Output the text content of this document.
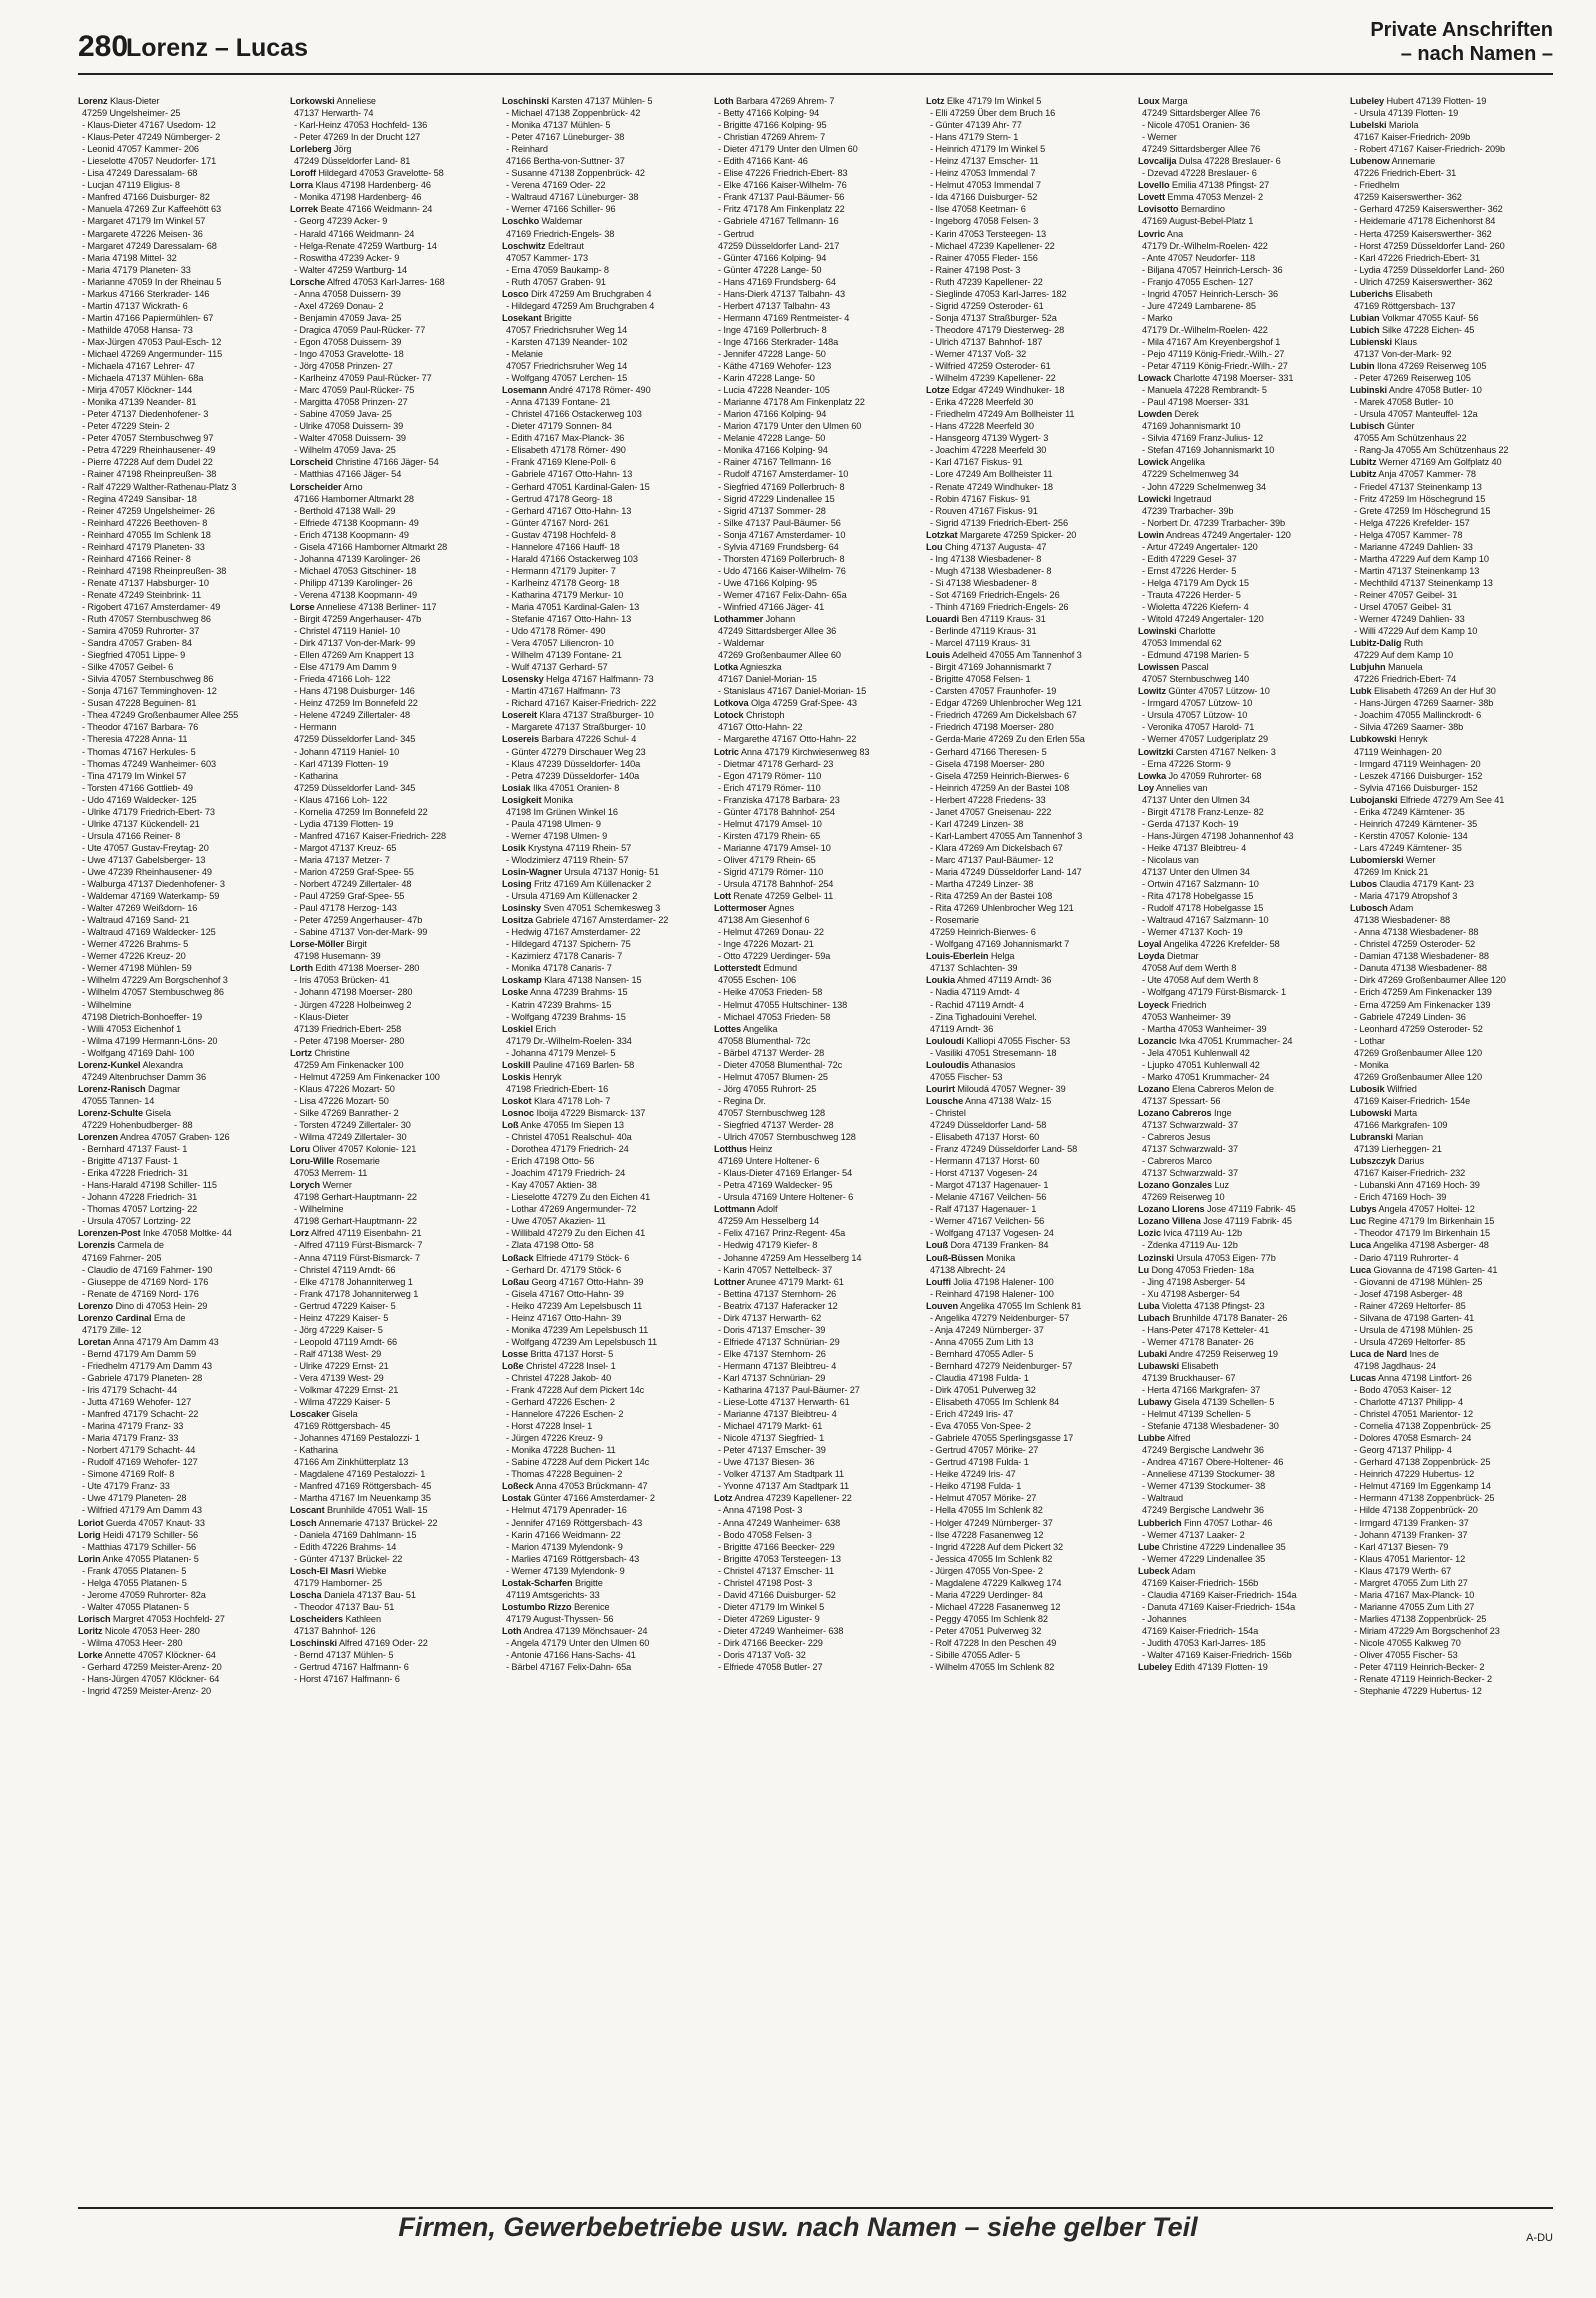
280
Lorenz – Lucas
Private Anschriften
– nach Namen –
Lorenz Klaus-Dieter
47259 Ungelsheimer- 25
- Klaus-Dieter 47167 Usedom- 12
- Klaus-Peter 47249 Nürnberger- 2
- Leonid 47057 Kammer- 206
- Lieselotte 47057 Neudorfer- 171
- Lisa 47249 Daressalam- 68
- Lucjan 47119 Eligius- 8
- Manfred 47166 Duisburger- 82
- Manuela 47269 Zur Kaffeehött 63
- Margaret 47179 Im Winkel 57
- Margarete 47226 Meisen- 36
- Margaret 47249 Daressalam- 68
- Maria 47198 Mittel- 32
- Maria 47179 Planeten- 33
- Marianne 47059 In der Rheinau 5
- Markus 47166 Sterkrader- 146
- Martin 47137 Wickrath- 6
- Martin 47166 Papiermühlen- 67
- Mathilde 47058 Hansa- 73
- Max-Jürgen 47053 Paul-Esch- 12
- Michael 47269 Angermunder- 115
- Michaela 47167 Lehrer- 47
- Michaela 47137 Mühlen- 68a
- Mirja 47057 Klöckner- 144
- Monika 47139 Neander- 81
- Peter 47137 Diedenhofener- 3
- Peter 47229 Stein- 2
- Peter 47057 Sternbuschweg 97
- Petra 47229 Rheinhausener- 49
- Pierre 47228 Auf dem Dudel 22
- Rainer 47198 Rheinpreußen- 38
- Ralf 47229 Walther-Rathenau-Platz 3
- Regina 47249 Sansibar- 18
- Reiner 47259 Ungelsheimer- 26
- Reinhard 47226 Beethoven- 8
- Reinhard 47055 Im Schlenk 18
- Reinhard 47179 Planeten- 33
- Reinhard 47166 Reiner- 8
- Reinhard 47198 Rheinpreußen- 38
- Renate 47137 Habsburger- 10
- Renate 47249 Steinbrink- 11
- Rigobert 47167 Amsterdamer- 49
- Ruth 47057 Sternbuschweg 86
- Samira 47059 Ruhrorter- 37
- Sandra 47057 Graben- 84
- Siegfried 47051 Lippe- 9
- Silke 47057 Geibel- 6
- Silvia 47057 Sternbuschweg 86
- Sonja 47167 Temminghoven- 12
- Susan 47228 Beguinen- 81
- Thea 47249 Großenbaumer Allee 255
- Theodor 47167 Barbara- 76
- Theresia 47228 Anna- 11
- Thomas 47167 Herkules- 5
- Thomas 47249 Wanheimer- 603
- Tina 47179 Im Winkel 57
- Torsten 47166 Gottlieb- 49
- Udo 47169 Waldecker- 125
- Ulrike 47179 Friedrich-Ebert- 73
- Ulrike 47137 Kückendell- 21
- Ursula 47166 Reiner- 8
- Ute 47057 Gustav-Freytag- 20
- Uwe 47137 Gabelsberger- 13
- Uwe 47239 Rheinhausener- 49
- Walburga 47137 Diedenhofener- 3
- Waldemar 47169 Waterkamp- 59
- Walter 47269 Weißdorn- 16
- Waltraud 47169 Sand- 21
- Waltraud 47169 Waldecker- 125
- Werner 47226 Brahms- 5
- Werner 47226 Kreuz- 20
- Werner 47198 Mühlen- 59
- Wilhelm 47229 Am Borgschenhof 3
- Wilhelm 47057 Sternbuschweg 86
- Wilhelmine
47198 Dietrich-Bonhoeffer- 19
- Willi 47053 Eichenhof 1
- Wilma 47199 Hermann-Löns- 20
- Wolfgang 47169 Dahl- 100
Lorenz-Kunkel Alexandra
47249 Altenbruchser Damm 36
Lorenz-Ranisch Dagmar
47055 Tannen- 14
Lorenz-Schulte Gisela
47229 Hohenbudberger- 88
Lorenzen Andrea 47057 Graben- 126
- Bernhard 47137 Faust- 1
- Brigitte 47137 Faust- 1
- Erika 47228 Friedrich- 31
- Hans-Harald 47198 Schiller- 115
- Johann 47228 Friedrich- 31
- Thomas 47057 Lortzing- 22
- Ursula 47057 Lortzing- 22
Lorenzen-Post Inke 47058 Moltke- 44
Lorenzis Carmela de
47169 Fahrner- 205
- Claudio de 47169 Fahrner- 190
- Giuseppe de 47169 Nord- 176
- Renate de 47169 Nord- 176
Lorenzo Dino di 47053 Hein- 29
Lorenzo Cardinal Erna de
47179 Zille- 12
Loretan Anna 47179 Am Damm 43
- Bernd 47179 Am Damm 59
- Friedhelm 47179 Am Damm 43
- Gabriele 47179 Planeten- 28
- Iris 47179 Schacht- 44
- Jutta 47169 Wehofer- 127
- Manfred 47179 Schacht- 22
- Marina 47179 Franz- 33
- Maria 47179 Franz- 33
- Norbert 47179 Schacht- 44
- Rudolf 47169 Wehofer- 127
- Simone 47169 Rolf- 8
- Ute 47179 Franz- 33
- Uwe 47179 Planeten- 28
- Wilfried 47179 Am Damm 43
Loriot Guerda 47057 Knaut- 33
Lorig Heidi 47179 Schiller- 56
- Matthias 47179 Schiller- 56
Lorin Anke 47055 Platanen- 5
- Frank 47055 Platanen- 5
- Helga 47055 Platanen- 5
- Jerome 47059 Ruhrorter- 82a
- Walter 47055 Platanen- 5
Lorisch Margret 47053 Hochfeld- 27
Loritz Nicole 47053 Heer- 280
- Wilma 47053 Heer- 280
Lorke Annette 47057 Klöckner- 64
- Gerhard 47259 Meister-Arenz- 20
- Hans-Jürgen 47057 Klöckner- 64
- Ingrid 47259 Meister-Arenz- 20
Lorkowski Anneliese
47137 Herwarth- 74
- Karl-Heinz 47053 Hochfeld- 136
- Peter 47269 In der Drucht 127
Lorleberg Jörg
47249 Düsseldorfer Land- 81
Loroff Hildegard 47053 Gravelotte- 58
Lorra Klaus 47198 Hardenberg- 46
- Monika 47198 Hardenberg- 46
Lorrek Beate 47166 Weidmann- 24
- Georg 47239 Acker- 9
- Harald 47166 Weidmann- 24
- Helga-Renate 47259 Wartburg- 14
- Roswitha 47239 Acker- 9
- Walter 47259 Wartburg- 14
Lorsche Alfred 47053 Karl-Jarres- 168
- Anna 47058 Duissern- 39
- Axel 47269 Donau- 2
- Benjamin 47059 Java- 25
- Dragica 47059 Paul-Rücker- 77
- Egon 47058 Duissern- 39
- Ingo 47053 Gravelotte- 18
- Jörg 47058 Prinzen- 27
- Karlheinz 47059 Paul-Rücker- 77
- Marc 47059 Paul-Rücker- 75
- Margitta 47058 Prinzen- 27
- Sabine 47059 Java- 25
- Ulrike 47058 Duissern- 39
- Walter 47058 Duissern- 39
- Wilhelm 47059 Java- 25
Lorscheid Christine 47166 Jäger- 54
- Matthias 47166 Jäger- 54
Lorscheider Arno
47166 Hamborner Altmarkt 28
- Berthold 47138 Wall- 29
- Elfriede 47138 Koopmann- 49
- Erich 47138 Koopmann- 49
- Gisela 47166 Hamborner Altmarkt 28
- Johanna 47139 Karolinger- 26
- Michael 47053 Gitschiner- 18
- Philipp 47139 Karolinger- 26
- Verena 47138 Koopmann- 49
Lorse Anneliese 47138 Berliner- 117
- Birgit 47259 Angerhauser- 47b
- Christel 47119 Haniel- 10
- Dirk 47137 Von-der-Mark- 99
- Ellen 47269 Am Knappert 13
- Else 47179 Am Damm 9
- Frieda 47166 Loh- 122
- Hans 47198 Duisburger- 146
- Heinz 47259 Im Bonnefeld 22
- Helene 47249 Zillertaler- 48
- Hermann
47259 Düsseldorfer Land- 345
- Johann 47119 Haniel- 10
- Karl 47139 Flotten- 19
- Katharina
47259 Düsseldorfer Land- 345
- Klaus 47166 Loh- 122
- Kornelia 47259 Im Bonnefeld 22
- Lydia 47139 Flotten- 19
- Manfred 47167 Kaiser-Friedrich- 228
- Margot 47137 Kreuz- 65
- Maria 47137 Metzer- 7
- Marion 47259 Graf-Spee- 55
- Norbert 47249 Zillertaler- 48
- Paul 47259 Graf-Spee- 55
- Paul 47178 Herzog- 143
- Peter 47259 Angerhauser- 47b
- Sabine 47137 Von-der-Mark- 99
Lorse-Möller Birgit
47198 Husemann- 39
Lorth Edith 47138 Moerser- 280
- Iris 47053 Brücken- 41
- Johann 47198 Moerser- 280
- Jürgen 47228 Holbeinweg 2
- Klaus-Dieter
47139 Friedrich-Ebert- 258
- Peter 47198 Moerser- 280
Lortz Christine
47259 Am Finkenacker 100
- Helmut 47259 Am Finkenacker 100
- Klaus 47226 Mozart- 50
- Lisa 47226 Mozart- 50
- Silke 47269 Banrather- 2
- Torsten 47249 Zillertaler- 30
- Wilma 47249 Zillertaler- 30
Loru Oliver 47057 Kolonie- 121
Loru-Wille Rosemarie
47053 Merrem- 11
Lorych Werner
47198 Gerhart-Hauptmann- 22
- Wilhelmine
47198 Gerhart-Hauptmann- 22
Lorz Alfred 47119 Eisenbahn- 21
- Alfred 47119 Fürst-Bismarck- 7
- Anna 47119 Fürst-Bismarck- 7
- Christel 47119 Arndt- 66
- Elke 47178 Johanniterweg 1
- Frank 47178 Johanniterweg 1
- Gertrud 47229 Kaiser- 5
- Heinz 47229 Kaiser- 5
- Jörg 47229 Kaiser- 5
- Leopold 47119 Arndt- 66
- Ralf 47138 West- 29
- Ulrike 47229 Ernst- 21
- Vera 47139 West- 29
- Volkmar 47229 Ernst- 21
- Wilma 47229 Kaiser- 5
Loscaker Gisela
47169 Röttgersbach- 45
- Johannes 47169 Pestalozzi- 1
- Katharina
47166 Am Zinkhütterplatz 13
- Magdalene 47169 Pestalozzi- 1
- Manfred 47169 Röttgersbach- 45
- Martha 47167 Im Neuenkamp 35
Loscant Brunhilde 47051 Wall- 15
Losch Annemarie 47137 Brückel- 22
- Daniela 47169 Dahlmann- 15
- Edith 47226 Brahms- 14
- Günter 47137 Brückel- 22
Losch-El Masri Wiebke
47179 Hamborner- 25
Loscha Daniela 47137 Bau- 51
- Theodor 47137 Bau- 51
Loscheiders Kathleen
47137 Bahnhof- 126
Loschinski Alfred 47169 Oder- 22
- Bernd 47137 Mühlen- 5
- Gertrud 47167 Halfmann- 6
- Horst 47167 Halfmann- 6
Loschinski Karsten 47137 Mühlen- 5
- Michael 47138 Zoppenbrück- 42
- Monika 47137 Mühlen- 5
- Peter 47167 Lüneburger- 38
- Reinhard
47166 Bertha-von-Suttner- 37
- Susanne 47138 Zoppenbrück- 42
- Verena 47169 Oder- 22
- Waltraud 47167 Lüneburger- 38
- Werner 47166 Schiller- 96
Loschko Waldemar
47169 Friedrich-Engels- 38
Loschwitz Edeltraut
47057 Kammer- 173
- Erna 47059 Baukamp- 8
- Ruth 47057 Graben- 91
Losco Dirk 47259 Am Bruchgraben 4
- Hildegard 47259 Am Bruchgraben 4
Losekant Brigitte
47057 Friedrichsruher Weg 14
- Karsten 47139 Neander- 102
- Melanie
47057 Friedrichsruher Weg 14
- Wolfgang 47057 Lerchen- 15
Losemann André 47178 Römer- 490
- Anna 47139 Fontane- 21
- Christel 47166 Ostackerweg 103
- Dieter 47179 Sonnen- 84
- Edith 47167 Max-Planck- 36
- Elisabeth 47178 Römer- 490
- Frank 47169 Klene-Poll- 6
- Gabriele 47167 Otto-Hahn- 13
- Gerhard 47051 Kardinal-Galen- 15
- Gertrud 47178 Georg- 18
- Gerhard 47167 Otto-Hahn- 13
- Günter 47167 Nord- 261
- Gustav 47198 Hochfeld- 8
- Hannelore 47166 Hauff- 18
- Harald 47166 Ostackerweg 103
- Hermann 47179 Jupiter- 7
- Karlheinz 47178 Georg- 18
- Katharina 47179 Merkur- 10
- Maria 47051 Kardinal-Galen- 13
- Stefanie 47167 Otto-Hahn- 13
- Udo 47178 Römer- 490
- Vera 47057 Liliencron- 10
- Wilhelm 47139 Fontane- 21
- Wulf 47137 Gerhard- 57
Losensky Helga 47167 Halfmann- 73
- Martin 47167 Halfmann- 73
- Richard 47167 Kaiser-Friedrich- 222
Losereit Klara 47137 Straßburger- 10
- Margarete 47137 Straßburger- 10
Losereis Barbara 47226 Schul- 4
- Günter 47279 Dirschauer Weg 23
- Klaus 47239 Düsseldorfer- 140a
- Petra 47239 Düsseldorfer- 140a
Losiak Ilka 47051 Oranien- 8
Losigkeit Monika
47198 Im Grünen Winkel 16
- Paula 47198 Ulmen- 9
- Werner 47198 Ulmen- 9
Losik Krystyna 47119 Rhein- 57
- Wlodzimierz 47119 Rhein- 57
Losin-Wagner Ursula 47137 Honig- 51
Losing Fritz 47169 Am Küllenacker 2
- Ursula 47169 Am Küllenacker 2
Losinsky Sven 47051 Schemkesweg 3
Lositza Gabriele 47167 Amsterdamer- 22
- Hedwig 47167 Amsterdamer- 22
- Hildegard 47137 Spichern- 75
- Kazimierz 47178 Canaris- 7
- Monika 47178 Canaris- 7
Loskamp Klara 47138 Nansen- 15
Loske Anna 47239 Brahms- 15
- Katrin 47239 Brahms- 15
- Wolfgang 47239 Brahms- 15
Loskiel Erich
47179 Dr.-Wilhelm-Roelen- 334
- Johanna 47179 Menzel- 5
Loskill Pauline 47169 Barlen- 58
Loskis Henryk
47198 Friedrich-Ebert- 16
Loskot Klara 47178 Loh- 7
Losnoc Iboija 47229 Bismarck- 137
Loß Anke 47055 Im Siepen 13
- Christel 47051 Realschul- 40a
- Dorothea 47179 Friedrich- 24
- Erich 47198 Otto- 56
- Joachim 47179 Friedrich- 24
- Kay 47057 Aktien- 38
- Lieselotte 47279 Zu den Eichen 41
- Lothar 47269 Angermunder- 72
- Uwe 47057 Akazien- 11
- Willibald 47279 Zu den Eichen 41
- Zlata 47198 Otto- 58
Loßack Elfriede 47179 Stöck- 6
- Gerhard Dr. 47179 Stöck- 6
Loßau Georg 47167 Otto-Hahn- 39
- Gisela 47167 Otto-Hahn- 39
- Heiko 47239 Am Lepelsbusch 11
- Heinz 47167 Otto-Hahn- 39
- Monika 47239 Am Lepelsbusch 11
- Wolfgang 47239 Am Lepelsbusch 11
Losse Britta 47137 Horst- 5
Loße Christel 47228 Insel- 1
- Christel 47228 Jakob- 40
- Frank 47228 Auf dem Pickert 14c
- Gerhard 47226 Eschen- 2
- Hannelore 47226 Eschen- 2
- Horst 47228 Insel- 1
- Jürgen 47226 Kreuz- 9
- Monika 47228 Buchen- 11
- Sabine 47228 Auf dem Pickert 14c
- Thomas 47228 Beguinen- 2
Loßeck Anna 47053 Brückmann- 47
Lostak Günter 47166 Amsterdamer- 2
- Helmut 47179 Apenrader- 16
- Jennifer 47169 Röttgersbach- 43
- Karin 47166 Weidmann- 22
- Marion 47139 Mylendonk- 9
- Marlies 47169 Röttgersbach- 43
- Werner 47139 Mylendonk- 9
Lostak-Scharfen Brigitte
47119 Amtsgerichts- 33
Lostumbo Rizzo Berenice
47179 August-Thyssen- 56
Loth Andrea 47139 Mönchsauer- 24
- Angela 47179 Unter den Ulmen 60
- Antonie 47166 Hans-Sachs- 41
- Bärbel 47167 Felix-Dahn- 65a
Loth Barbara 47269 Ahrem- 7
- Betty 47166 Kolping- 94
- Brigitte 47166 Kolping- 95
- Christian 47269 Ahrem- 7
- Dieter 47179 Unter den Ulmen 60
- Edith 47166 Kant- 46
- Elise 47226 Friedrich-Ebert- 83
- Elke 47166 Kaiser-Wilhelm- 76
- Frank 47137 Paul-Bäumer- 56
- Fritz 47178 Am Finkenplatz 22
- Gabriele 47167 Tellmann- 16
- Gertrud
47259 Düsseldorfer Land- 217
- Günter 47166 Kolping- 94
- Günter 47228 Lange- 50
- Hans 47169 Frundsberg- 64
- Hans-Dierk 47137 Talbahn- 43
- Herbert 47137 Talbahn- 43
- Hermann 47169 Rentmeister- 4
- Inge 47169 Pollerbruch- 8
- Inge 47166 Sterkrader- 148a
- Jennifer 47228 Lange- 50
- Käthe 47169 Wehofer- 123
- Karin 47228 Lange- 50
- Lucia 47228 Neander- 105
- Marianne 47178 Am Finkenplatz 22
- Marion 47166 Kolping- 94
- Marion 47179 Unter den Ulmen 60
- Melanie 47228 Lange- 50
- Monika 47166 Kolping- 94
- Rainer 47167 Tellmann- 16
- Rudolf 47167 Amsterdamer- 10
- Siegfried 47169 Pollerbruch- 8
- Sigrid 47229 Lindenallee 15
- Sigrid 47137 Sommer- 28
- Silke 47137 Paul-Bäumer- 56
- Sonja 47167 Amsterdamer- 10
- Sylvia 47169 Frundsberg- 64
- Thorsten 47169 Pollerbruch- 8
- Udo 47166 Kaiser-Wilhelm- 76
- Uwe 47166 Kolping- 95
- Werner 47167 Felix-Dahn- 65a
- Winfried 47166 Jäger- 41
Lothammer Johann
47249 Sittardsberger Allee 36
- Waldemar
47269 Großenbaumer Allee 60
Lotka Agnieszka
47167 Daniel-Morian- 15
- Stanislaus 47167 Daniel-Morian- 15
Lotkova Olga 47259 Graf-Spee- 43
Lotock Christoph
47167 Otto-Hahn- 22
- Margarethe 47167 Otto-Hahn- 22
Lotric Anna 47179 Kirchwiesenweg 83
- Dietmar 47178 Gerhard- 23
- Egon 47179 Römer- 110
- Erich 47179 Römer- 110
- Franziska 47178 Barbara- 23
- Günter 47178 Bahnhof- 254
- Helmut 47179 Amsel- 10
- Kirsten 47179 Rhein- 65
- Marianne 47179 Amsel- 10
- Oliver 47179 Rhein- 65
- Sigrid 47179 Römer- 110
- Ursula 47178 Bahnhof- 254
Lott Renate 47259 Gelbel- 11
Lottermoser Agnes
47138 Am Giesenhof 6
- Helmut 47269 Donau- 22
- Inge 47226 Mozart- 21
- Otto 47229 Uerdinger- 59a
Lotterstedt Edmund
47055 Eschen- 106
- Heike 47053 Frieden- 58
- Helmut 47055 Hultschiner- 138
- Michael 47053 Frieden- 58
Lottes Angelika
47058 Blumenthal- 72c
- Bärbel 47137 Werder- 28
- Dieter 47058 Blumenthal- 72c
- Helmut 47057 Blumen- 25
- Jörg 47055 Ruhrort- 25
- Regina Dr.
47057 Sternbuschweg 128
- Siegfried 47137 Werder- 28
- Ulrich 47057 Sternbuschweg 128
Lotthus Heinz
47169 Untere Holtener- 6
- Klaus-Dieter 47169 Erlanger- 54
- Petra 47169 Waldecker- 95
- Ursula 47169 Untere Holtener- 6
Lottmann Adolf
47259 Am Hesselberg 14
- Felix 47167 Prinz-Regent- 45a
- Hedwig 47179 Kiefer- 8
- Johanne 47259 Am Hesselberg 14
- Karin 47057 Nettelbeck- 37
Lottner Arunee 47179 Markt- 61
- Bettina 47137 Sternhorn- 26
- Beatrix 47137 Haferacker 12
- Dirk 47137 Herwarth- 62
- Doris 47137 Emscher- 39
- Elfriede 47137 Schnürian- 29
- Elke 47137 Sternhorn- 26
- Hermann 47137 Bleibtreu- 4
- Karl 47137 Schnürian- 29
- Katharina 47137 Paul-Bäumer- 27
- Liese-Lotte 47137 Herwarth- 61
- Marianne 47137 Bleibtreu- 4
- Michael 47179 Markt- 61
- Nicole 47137 Siegfried- 1
- Peter 47137 Emscher- 39
- Uwe 47137 Biesen- 36
- Volker 47137 Am Stadtpark 11
- Yvonne 47137 Am Stadtpark 11
Lotz Andrea 47239 Kapellener- 22
- Anna 47198 Post- 3
- Anna 47249 Wanheimer- 638
- Bodo 47058 Felsen- 3
- Brigitte 47166 Beecker- 229
- Brigitte 47053 Tersteegen- 13
- Christel 47137 Emscher- 11
- Christel 47198 Post- 3
- David 47166 Duisburger- 52
- Dieter 47179 Im Winkel 5
- Dieter 47269 Liguster- 9
- Dieter 47249 Wanheimer- 638
- Dirk 47166 Beecker- 229
- Doris 47137 Voß- 32
- Elfriede 47058 Butler- 27
Lotz Elke 47179 Im Winkel 5
- Elli 47259 Über dem Bruch 16
- Günter 47139 Ahr- 77
- Hans 47179 Stern- 1
- Heinrich 47179 Im Winkel 5
- Heinz 47137 Emscher- 11
- Heinz 47053 Immendal 7
- Helmut 47053 Immendal 7
- Ida 47166 Duisburger- 52
- Ilse 47058 Keetman- 6
- Ingeborg 47058 Felsen- 3
- Karin 47053 Tersteegen- 13
- Michael 47239 Kapellener- 22
- Rainer 47055 Fleder- 156
- Rainer 47198 Post- 3
- Ruth 47239 Kapellener- 22
- Sieglinde 47053 Karl-Jarres- 182
- Sigrid 47259 Osteroder- 61
- Sonja 47137 Straßburger- 52a
- Theodore 47179 Diesterweg- 28
- Ulrich 47137 Bahnhof- 187
- Werner 47137 Voß- 32
- Wilfried 47259 Osteroder- 61
- Wilhelm 47239 Kapellener- 22
Lotze Edgar 47249 Windhuker- 18
- Erika 47228 Meerfeld 30
- Friedhelm 47249 Am Bollheister 11
- Hans 47228 Meerfeld 30
- Hansgeorg 47139 Wygert- 3
- Joachim 47228 Meerfeld 30
- Karl 47167 Fiskus- 91
- Lore 47249 Am Bollheister 11
- Renate 47249 Windhuker- 18
- Robin 47167 Fiskus- 91
- Rouven 47167 Fiskus- 91
- Sigrid 47139 Friedrich-Ebert- 256
Lotzkat Margarete 47259 Spicker- 20
Lou Ching 47137 Augusta- 47
- Ing 47138 Wiesbadener- 8
- Mugh 47138 Wiesbadener- 8
- Si 47138 Wiesbadener- 8
- Sot 47169 Friedrich-Engels- 26
- Thinh 47169 Friedrich-Engels- 26
Louardi Ben 47119 Kraus- 31
- Berlinde 47119 Kraus- 31
- Marcel 47119 Kraus- 31
Louis Adelheid 47055 Am Tannenhof 3
- Birgit 47169 Johannismarkt 7
- Brigitte 47058 Felsen- 1
- Carsten 47057 Fraunhofer- 19
- Edgar 47269 Uhlenbrocher Weg 121
- Friedrich 47269 Am Dickelsbach 67
- Friedrich 47198 Moerser- 280
- Gerda-Marie 47269 Zu den Erlen 55a
- Gerhard 47166 Theresen- 5
- Gisela 47198 Moerser- 280
- Gisela 47259 Heinrich-Bierwes- 6
- Heinrich 47259 An der Bastei 108
- Herbert 47228 Friedens- 33
- Janet 47057 Gneisenau- 222
- Karl 47249 Linzen- 38
- Karl-Lambert 47055 Am Tannenhof 3
- Klara 47269 Am Dickelsbach 67
- Marc 47137 Paul-Bäumer- 12
- Maria 47249 Düsseldorfer Land- 147
- Martha 47249 Linzer- 38
- Rita 47259 An der Bastei 108
- Rita 47269 Uhlenbrocher Weg 121
- Rosemarie
47259 Heinrich-Bierwes- 6
- Wolfgang 47169 Johannismarkt 7
Louis-Eberlein Helga
47137 Schlachten- 39
Loukia Ahmed 47119 Arndt- 36
- Nadia 47119 Arndt- 4
- Rachid 47119 Arndt- 4
- Zina Tighadouini Verehel.
47119 Arndt- 36
Louloudi Kalliopi 47055 Fischer- 53
- Vasiliki 47051 Stresemann- 18
Louloudis Athanasios
47055 Fischer- 53
Lourirt Miloudá 47057 Wegner- 39
Lousche Anna 47138 Walz- 15
- Christel
47249 Düsseldorfer Land- 58
- Elisabeth 47137 Horst- 60
- Franz 47249 Düsseldorfer Land- 58
- Hermann 47137 Horst- 60
- Horst 47137 Vogesen- 24
- Margot 47137 Hagenauer- 1
- Melanie 47167 Veilchen- 56
- Ralf 47137 Hagenauer- 1
- Werner 47167 Veilchen- 56
- Wolfgang 47137 Vogesen- 24
Louß Dora 47139 Franken- 84
Louß-Büssen Monika
47138 Albrecht- 24
Louffi Jolia 47198 Halener- 100
- Reinhard 47198 Halener- 100
Louven Angelika 47055 Im Schlenk 81
- Angelika 47279 Neidenburger- 57
- Anja 47249 Nürnberger- 37
- Anna 47055 Zum Lith 13
- Bernhard 47055 Adler- 5
- Bernhard 47279 Neidenburger- 57
- Claudia 47198 Fulda- 1
- Dirk 47051 Pulverweg 32
- Elisabeth 47055 Im Schlenk 84
- Erich 47249 Iris- 47
- Eva 47055 Von-Spee- 2
- Gabriele 47055 Sperlingsgasse 17
- Gertrud 47057 Mörike- 27
- Gertrud 47198 Fulda- 1
- Heike 47249 Iris- 47
- Heiko 47198 Fulda- 1
- Helmut 47057 Mörike- 27
- Hella 47055 Im Schlenk 82
- Holger 47249 Nürnberger- 37
- Ilse 47228 Fasanenweg 12
- Ingrid 47228 Auf dem Pickert 32
- Jessica 47055 Im Schlenk 82
- Jürgen 47055 Von-Spee- 2
- Magdalene 47229 Kalkweg 174
- Maria 47229 Uerdinger- 84
- Michael 47228 Fasanenweg 12
- Peggy 47055 Im Schlenk 82
- Peter 47051 Pulverweg 32
- Rolf 47228 In den Peschen 49
- Sibille 47055 Adler- 5
- Wilhelm 47055 Im Schlenk 82
Loux Marga
47249 Sittardsberger Allee 76
- Nicole 47051 Oranien- 36
- Werner
47249 Sittardsberger Allee 76
Lovcalija Dulsa 47228 Breslauer- 6
- Dzevad 47228 Breslauer- 6
Lovello Emilia 47138 Pfingst- 27
Lovett Emma 47053 Menzel- 2
Lovisotto Bernardino
47169 August-Bebel-Platz 1
Lovric Ana
47179 Dr.-Wilhelm-Roelen- 422
- Ante 47057 Neudorfer- 118
- Biljana 47057 Heinrich-Lersch- 36
- Franjo 47055 Eschen- 127
- Ingrid 47057 Heinrich-Lersch- 36
- Jure 47249 Lambarene- 85
- Marko
47179 Dr.-Wilhelm-Roelen- 422
- Mila 47167 Am Kreyenbergshof 1
- Pejo 47119 König-Friedr.-Wilh.- 27
- Petar 47119 König-Friedr.-Wilh.- 27
Lowack Charlotte 47198 Moerser- 331
- Manuela 47228 Rembrandt- 5
- Paul 47198 Moerser- 331
Lowden Derek
47169 Johannismarkt 10
- Silvia 47169 Franz-Julius- 12
- Stefan 47169 Johannismarkt 10
Lowick Angelika
47229 Schelmenweg 34
- John 47229 Schelmenweg 34
Lowicki Ingetraud
47239 Trarbacher- 39b
- Norbert Dr. 47239 Trarbacher- 39b
Lowin Andreas 47249 Angertaler- 120
- Artur 47249 Angertaler- 120
- Edith 47229 Gesel- 37
- Ernst 47226 Herder- 5
- Helga 47179 Am Dyck 15
- Trauta 47226 Herder- 5
- Wioletta 47226 Kiefern- 4
- Witold 47249 Angertaler- 120
Lowinski Charlotte
47053 Immendal 62
- Edmund 47198 Marien- 5
Lowissen Pascal
47057 Sternbuschweg 140
Lowitz Günter 47057 Lützow- 10
- Irmgard 47057 Lützow- 10
- Ursula 47057 Lützow- 10
- Veronika 47057 Harold- 71
- Werner 47057 Ludgeriplatz 29
Lowitzki Carsten 47167 Nelken- 3
- Erna 47226 Storm- 9
Lowka Jo 47059 Ruhrorter- 68
Loy Annelies van
47137 Unter den Ulmen 34
- Birgit 47178 Franz-Lenze- 82
- Gerda 47137 Koch- 19
- Hans-Jürgen 47198 Johannenhof 43
- Heike 47137 Bleibtreu- 4
- Nicolaus van
47137 Unter den Ulmen 34
- Ortwin 47167 Salzmann- 10
- Rita 47178 Hobelgasse 15
- Rudolf 47178 Hobelgasse 15
- Waltraud 47167 Salzmann- 10
- Werner 47137 Koch- 19
Loyal Angelika 47226 Krefelder- 58
Loyda Dietmar
47058 Auf dem Werth 8
- Ute 47058 Auf dem Werth 8
- Wolfgang 47179 Fürst-Bismarck- 1
Loyeck Friedrich
47053 Wanheimer- 39
- Martha 47053 Wanheimer- 39
Lozancic Ivka 47051 Krummacher- 24
- Jela 47051 Kuhlenwall 42
- Ljupko 47051 Kuhlenwall 42
- Marko 47051 Krummacher- 24
Lozano Elena Cabreros Melon de
47137 Spessart- 56
Lozano Cabreros Inge
47137 Schwarzwald- 37
- Cabreros Jesus
47137 Schwarzwald- 37
- Cabreros Marco
47137 Schwarzwald- 37
Lozano Gonzales Luz
47269 Reiserweg 10
Lozano Llorens Jose 47119 Fabrik- 45
Lozano Villena Jose 47119 Fabrik- 45
Lozic Ivica 47119 Au- 12b
- Zdenka 47119 Au- 12b
Lozinski Ursula 47053 Eigen- 77b
Lu Dong 47053 Frieden- 18a
- Jing 47198 Asberger- 54
- Xu 47198 Asberger- 54
Luba Violetta 47138 Pfingst- 23
Lubach Brunhilde 47178 Banater- 26
- Hans-Peter 47178 Ketteler- 41
- Werner 47178 Banater- 26
Lubaki Andre 47259 Reiserweg 19
Lubawski Elisabeth
47139 Bruckhauser- 67
- Herta 47166 Markgrafen- 37
Lubawy Gisela 47139 Schellen- 5
- Helmut 47139 Schellen- 5
- Stefanie 47138 Wiesbadener- 30
Lubbe Alfred
47249 Bergische Landwehr 36
- Andrea 47167 Obere-Holtener- 46
- Anneliese 47139 Stockumer- 38
- Werner 47139 Stockumer- 38
- Waltraud
47249 Bergische Landwehr 36
Lubberich Finn 47057 Lothar- 46
- Werner 47137 Laaker- 2
Lube Christine 47229 Lindenallee 35
- Werner 47229 Lindenallee 35
Lubeck Adam
47169 Kaiser-Friedrich- 156b
- Claudia 47169 Kaiser-Friedrich- 154a
- Danuta 47169 Kaiser-Friedrich- 154a
- Johannes
47169 Kaiser-Friedrich- 154a
- Judith 47053 Karl-Jarres- 185
- Walter 47169 Kaiser-Friedrich- 156b
Lubeley Edith 47139 Flotten- 19
Lubeley Hubert 47139 Flotten- 19
- Ursula 47139 Flotten- 19
Lubelski Mariola
47167 Kaiser-Friedrich- 209b
- Robert 47167 Kaiser-Friedrich- 209b
Lubenow Annemarie
47226 Friedrich-Ebert- 31
- Friedhelm
47259 Kaiserswerther- 362
- Gerhard 47259 Kaiserswerther- 362
- Heidemarie 47178 Eichenhorst 84
- Herta 47259 Kaiserswerther- 362
- Horst 47259 Düsseldorfer Land- 260
- Karl 47226 Friedrich-Ebert- 31
- Lydia 47259 Düsseldorfer Land- 260
- Ulrich 47259 Kaiserswerther- 362
Luberichs Elisabeth
47169 Röttgersbach- 137
Lubian Volkmar 47055 Kauf- 56
Lubich Silke 47228 Eichen- 45
Lubienski Klaus
47137 Von-der-Mark- 92
Lubin Ilona 47269 Reiserweg 105
- Peter 47269 Reiserweg 105
Lubinski Andre 47058 Butler- 10
- Marek 47058 Butler- 10
- Ursula 47057 Manteuffel- 12a
Lubisch Günter
47055 Am Schützenhaus 22
- Rang-Ja 47055 Am Schützenhaus 22
Lubitz Werner 47169 Am Golfplatz 40
Lubitz Anja 47057 Kammer- 78
- Friedel 47137 Steinenkamp 13
- Fritz 47259 Im Höschegrund 15
- Grete 47259 Im Höschegrund 15
- Helga 47226 Krefelder- 157
- Helga 47057 Kammer- 78
- Marianne 47249 Dahlien- 33
- Martha 47229 Auf dem Kamp 10
- Martin 47137 Steinenkamp 13
- Mechthild 47137 Steinenkamp 13
- Reiner 47057 Geibel- 31
- Ursel 47057 Geibel- 31
- Werner 47249 Dahlien- 33
- Willi 47229 Auf dem Kamp 10
Lubitz-Dalig Ruth
47229 Auf dem Kamp 10
Lubjuhn Manuela
47226 Friedrich-Ebert- 74
Lubk Elisabeth 47269 An der Huf 30
- Hans-Jürgen 47269 Saarner- 38b
- Joachim 47055 Mallinckrodt- 6
- Silvia 47269 Saarner- 38b
Lubkowski Henryk
47119 Weinhagen- 20
- Irmgard 47119 Weinhagen- 20
- Leszek 47166 Duisburger- 152
- Sylvia 47166 Duisburger- 152
Lubojanski Elfriede 47279 Am See 41
- Erika 47249 Kärntener- 35
- Heinrich 47249 Kärntener- 35
- Kerstin 47057 Kolonie- 134
- Lars 47249 Kärntener- 35
Lubomierski Werner
47269 Im Knick 21
Lubos Claudia 47179 Kant- 23
- Maria 47179 Atropshof 3
Lubosch Adam
47138 Wiesbadener- 88
- Anna 47138 Wiesbadener- 88
- Christel 47259 Osteroder- 52
- Damian 47138 Wiesbadener- 88
- Danuta 47138 Wiesbadener- 88
- Dirk 47269 Großenbaumer Allee 120
- Erich 47259 Am Finkenacker 139
- Erna 47259 Am Finkenacker 139
- Gabriele 47249 Linden- 36
- Leonhard 47259 Osteroder- 52
- Lothar
47269 Großenbaumer Allee 120
- Monika
47269 Großenbaumer Allee 120
Lubosik Wilfried
47169 Kaiser-Friedrich- 154e
Lubowski Marta
47166 Markgrafen- 109
Lubranski Marian
47139 Lierheggen- 21
Lubszczyk Darius
47167 Kaiser-Friedrich- 232
- Lubanski Ann 47169 Hoch- 39
- Erich 47169 Hoch- 39
Lubys Angela 47057 Holtei- 12
Luc Regine 47179 Im Birkenhain 15
- Theodor 47179 Im Birkenhain 15
Luca Angelika 47198 Asberger- 48
- Dario 47119 Ruhrorter- 4
Luca Giovanna de 47198 Garten- 41
- Giovanni de 47198 Mühlen- 25
- Josef 47198 Asberger- 48
- Rainer 47269 Heltorfer- 85
- Silvana de 47198 Garten- 41
- Ursula de 47198 Mühlen- 25
- Ursula 47269 Heltorfer- 85
Luca de Nard Ines de
47198 Jagdhaus- 24
Lucas Anna 47198 Lintfort- 26
- Bodo 47053 Kaiser- 12
- Charlotte 47137 Philipp- 4
- Christel 47051 Marientor- 12
- Cornelia 47138 Zoppenbrück- 25
- Dolores 47058 Esmarch- 24
- Georg 47137 Philipp- 4
- Gerhard 47138 Zoppenbrück- 25
- Heinrich 47229 Hubertus- 12
- Helmut 47169 Im Eggenkamp 14
- Hermann 47138 Zoppenbrück- 25
- Hilde 47138 Zoppenbrück- 20
- Irmgard 47139 Franken- 37
- Johann 47139 Franken- 37
- Karl 47137 Biesen- 79
- Klaus 47051 Marientor- 12
- Klaus 47179 Werth- 67
- Margret 47055 Zum Lith 27
- Maria 47167 Max-Planck- 10
- Marianne 47055 Zum Lith 27
- Marlies 47138 Zoppenbrück- 25
- Miriam 47229 Am Borgschenhof 23
- Nicole 47055 Kalkweg 70
- Oliver 47055 Fischer- 53
- Peter 47119 Heinrich-Becker- 2
- Renate 47119 Heinrich-Becker- 2
- Stephanie 47229 Hubertus- 12
Firmen, Gewerbebetriebe usw. nach Namen – siehe gelber Teil	A-DU
